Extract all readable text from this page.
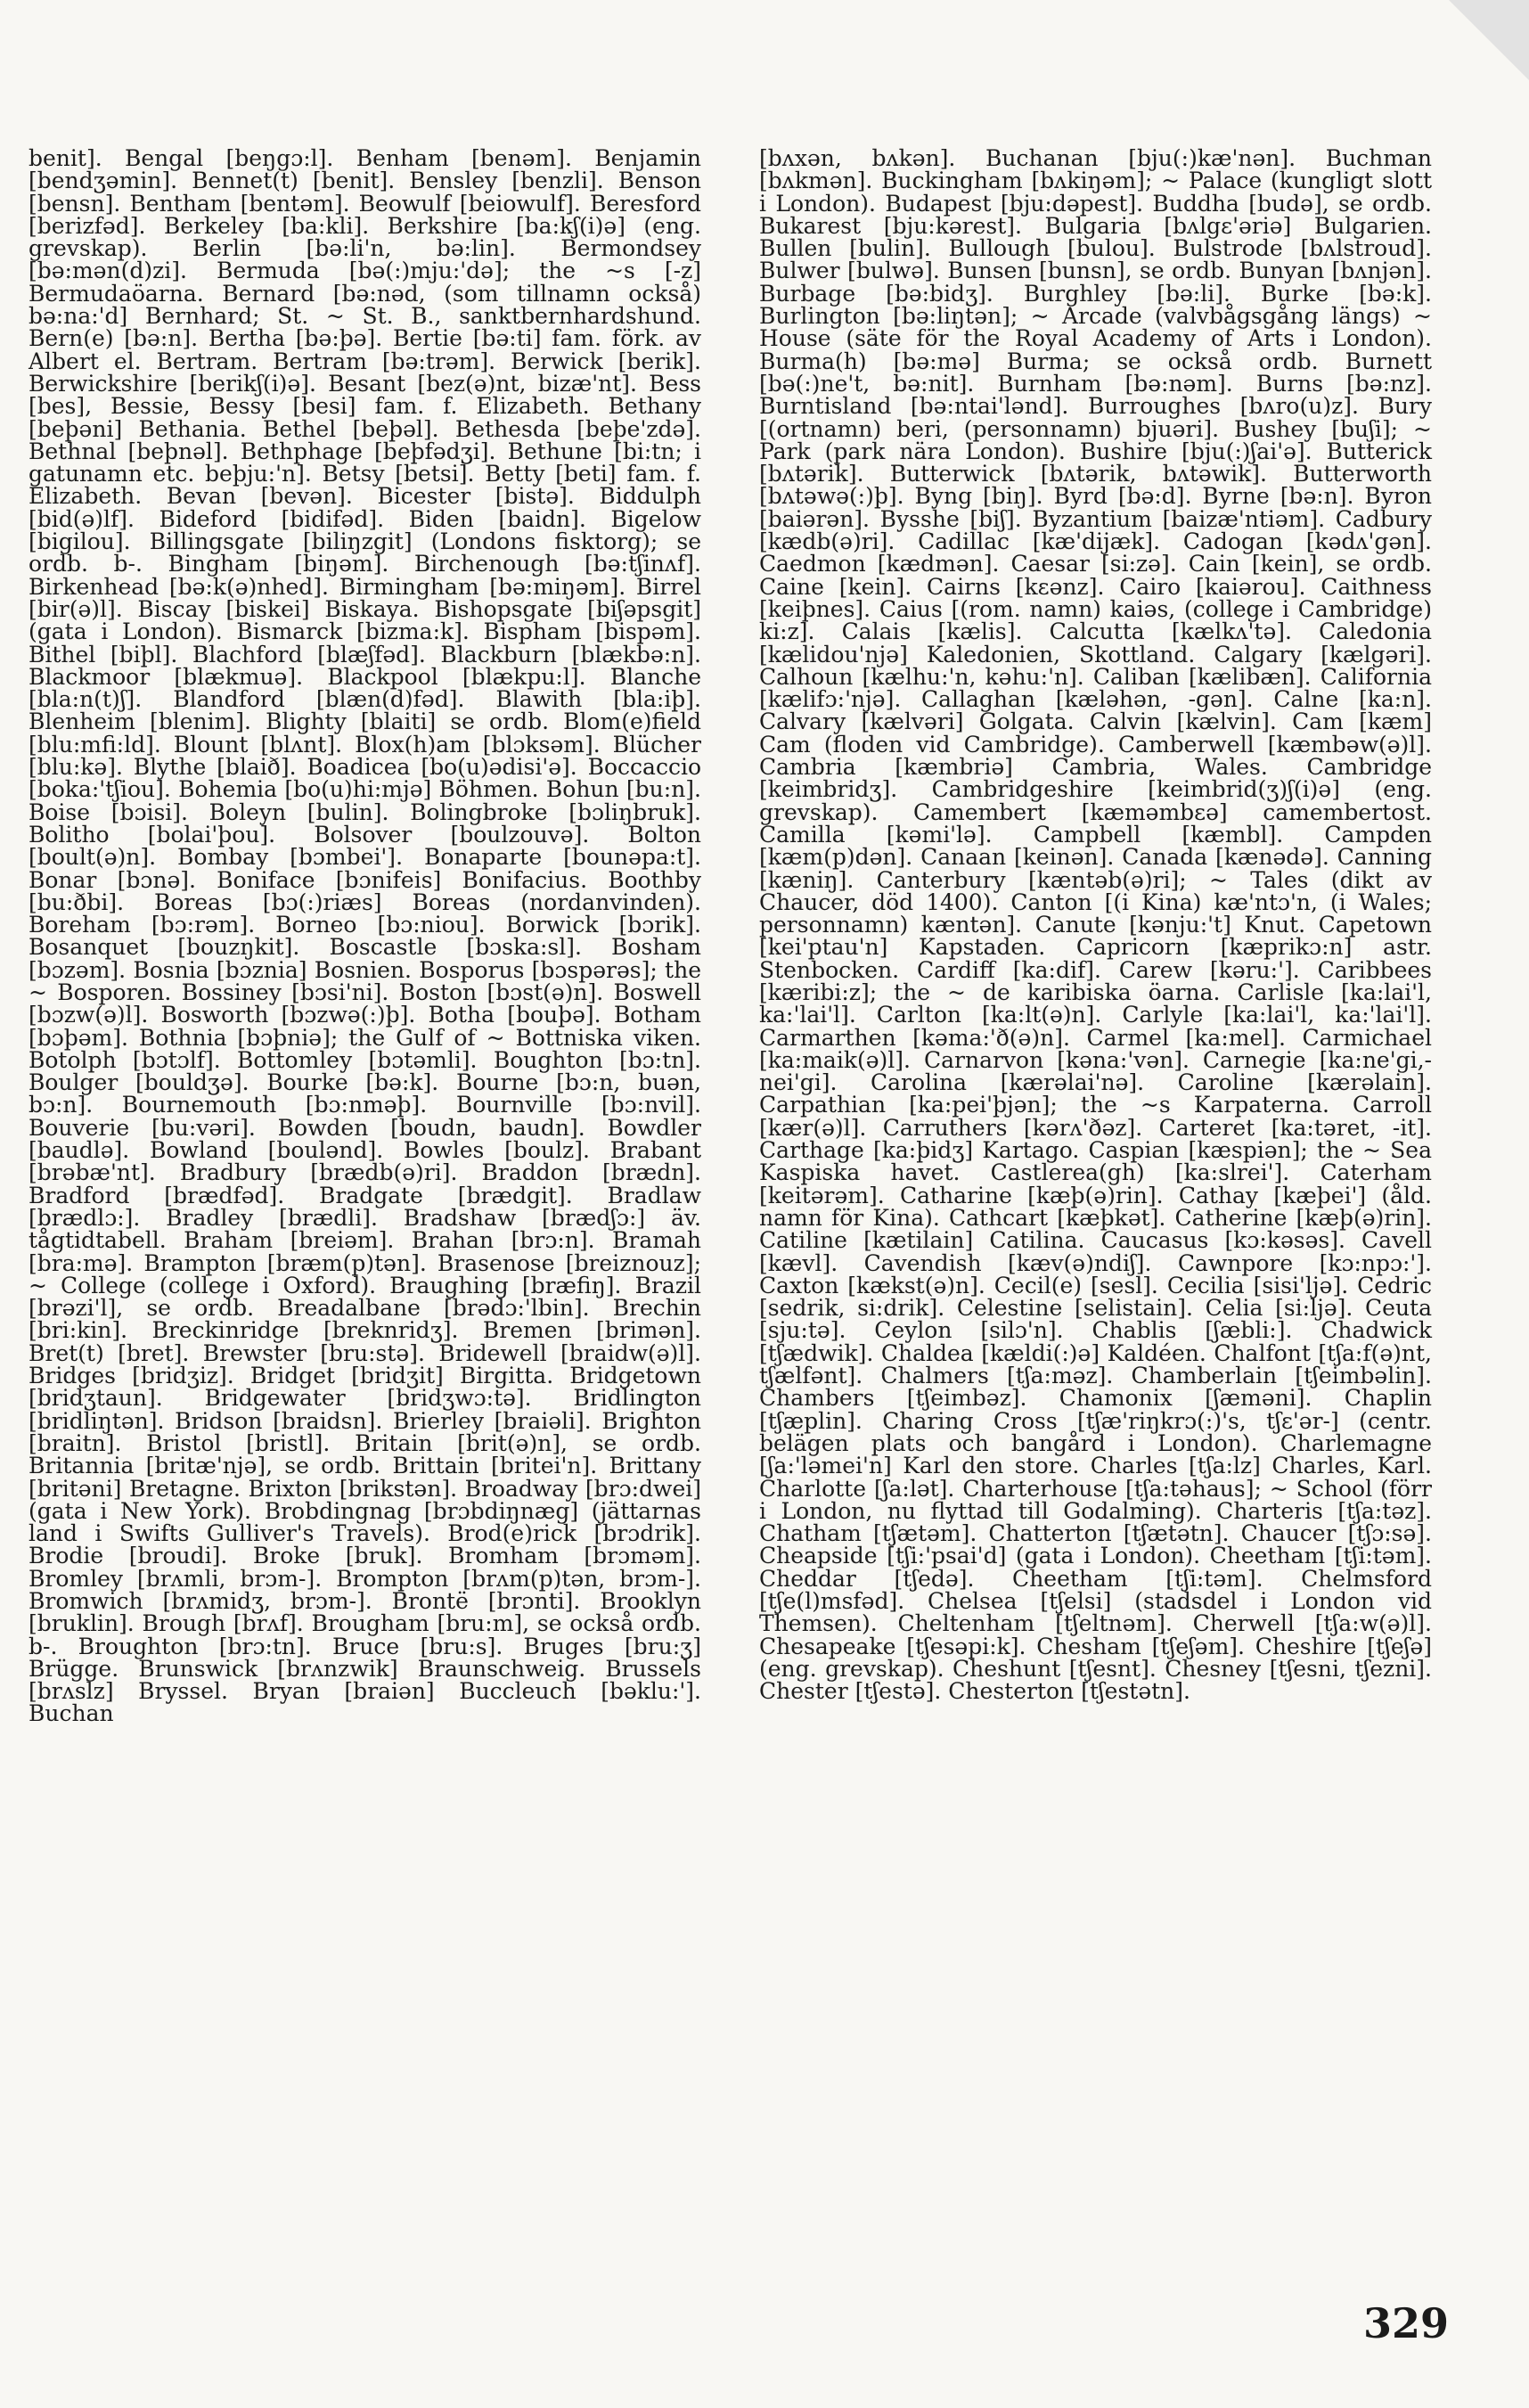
benit]. Bengal [beŋgɔ:l]. Benham [benəm]. Benjamin [bendʒəmin]. Bennet(t) [benit]. Bensley [benzli]. Benson [bensn]. Bentham [bentəm]. Beowulf [beiowulf]. Beresford [berizfəd]. Berkeley [ba:kli]. Berkshire [ba:kʃ(i)ə] (eng. grevskap). Berlin [bə:li'n, bə:lin]. Bermondsey [bə:mən(d)zi]. Bermuda [bə(:)mju:'də]; the ~s [-z] Bermudaöarna. Bernard [bə:nəd, (som tillnamn också) bə:na:'d] Bernhard; St. ~ St. B., sanktbernhardshund. Bern(e) [bə:n]. Bertha [bə:þə]. Bertie [bə:ti] fam. förk. av Albert el. Bertram. Bertram [bə:trəm]. Berwick [berik]. Berwickshire [berikʃ(i)ə]. Besant [bez(ə)nt, bizæ'nt]. Bess [bes], Bessie, Bessy [besi] fam. f. Elizabeth. Bethany [beþəni] Bethania. Bethel [beþəl]. Bethesda [beþe'zdə]. Bethnal [beþnəl]. Bethphage [beþfədʒi]. Bethune [bi:tn; i gatunamn etc. beþju:'n]. Betsy [betsi]. Betty [beti] fam. f. Elizabeth. Bevan [bevən]. Bicester [bistə]. Biddulph [bid(ə)lf]. Bideford [bidifəd]. Biden [baidn]. Bigelow [bigilou]. Billingsgate [biliŋzgit] (Londons fisktorg); se ordb. b-. Bingham [biŋəm]. Birchenough [bə:tʃinʌf]. Birkenhead [bə:k(ə)nhed]. Birmingham [bə:miŋəm]. Birrel [bir(ə)l]. Biscay [biskei] Biskaya. Bishopsgate [biʃəpsgit] (gata i London). Bismarck [bizma:k]. Bispham [bispəm]. Bithel [biþl]. Blachford [blæʃfəd]. Blackburn [blækbə:n]. Blackmoor [blækmuə]. Blackpool [blækpu:l]. Blanche [bla:n(t)ʃ]. Blandford [blæn(d)fəd]. Blawith [bla:iþ]. Blenheim [blenim]. Blighty [blaiti] se ordb. Blom(e)field [blu:mfi:ld]. Blount [blʌnt]. Blox(h)am [blɔksəm]. Blücher [blu:kə]. Blythe [blaið]. Boadicea [bo(u)ədisi'ə]. Boccaccio [boka:'tʃiou]. Bohemia [bo(u)hi:mjə] Böhmen. Bohun [bu:n]. Boise [bɔisi]. Boleyn [bulin]. Bolingbroke [bɔliŋbruk]. Bolitho [bolai'þou]. Bolsover [boulzouvə]. Bolton [boult(ə)n]. Bombay [bɔmbei']. Bonaparte [bounəpa:t]. Bonar [bɔnə]. Boniface [bɔnifeis] Bonifacius. Boothby [bu:ðbi]. Boreas [bɔ(:)riæs] Boreas (nordanvinden). Boreham [bɔ:rəm]. Borneo [bɔ:niou]. Borwick [bɔrik]. Bosanquet [bouzŋkit]. Boscastle [bɔska:sl]. Bosham [bɔzəm]. Bosnia [bɔznia] Bosnien. Bosporus [bɔspərəs]; the ~ Bosporen. Bossiney [bɔsi'ni]. Boston [bɔst(ə)n]. Boswell [bɔzw(ə)l]. Bosworth [bɔzwə(:)þ]. Botha [bouþə]. Botham [bɔþəm]. Bothnia [bɔþniə]; the Gulf of ~ Bottniska viken. Botolph [bɔtɔlf]. Bottomley [bɔtəmli]. Boughton [bɔ:tn]. Boulger [bouldʒə]. Bourke [bə:k]. Bourne [bɔ:n, buən, bɔ:n]. Bournemouth [bɔ:nməþ]. Bournville [bɔ:nvil]. Bouverie [bu:vəri]. Bowden [boudn, baudn]. Bowdler [baudlə]. Bowland [boulənd]. Bowles [boulz]. Brabant [brəbæ'nt]. Bradbury [brædb(ə)ri]. Braddon [brædn]. Bradford [brædfəd]. Bradgate [brædgit]. Bradlaw [brædlɔ:]. Bradley [brædli]. Bradshaw [brædʃɔ:] äv. tågtidtabell. Braham [breiəm]. Brahan [brɔ:n]. Bramah [bra:mə]. Brampton [bræm(p)tən]. Brasenose [breiznouz]; ~ College (college i Oxford). Braughing [bræfiŋ]. Brazil [brəzi'l], se ordb. Breadalbane [brədɔ:'lbin]. Brechin [bri:kin]. Breckinridge [breknridʒ]. Bremen [brimən]. Bret(t) [bret]. Brewster [bru:stə]. Bridewell [braidw(ə)l]. Bridges [bridʒiz]. Bridget [bridʒit] Birgitta. Bridgetown [bridʒtaun]. Bridgewater [bridʒwɔ:tə]. Bridlington [bridliŋtən]. Bridson [braidsn]. Brierley [braiəli]. Brighton [braitn]. Bristol [bristl]. Britain [brit(ə)n], se ordb. Britannia [britæ'njə], se ordb. Brittain [britei'n]. Brittany [britəni] Bretagne. Brixton [brikstən]. Broadway [brɔ:dwei] (gata i New York). Brobdingnag [brɔbdiŋnæg] (jättarnas land i Swifts Gulliver's Travels). Brod(e)rick [brɔdrik]. Brodie [broudi]. Broke [bruk]. Bromham [brɔməm]. Bromley [brʌmli, brɔm-]. Brompton [brʌm(p)tən, brɔm-]. Bromwich [brʌmidʒ, brɔm-]. Brontë [brɔnti]. Brooklyn [bruklin]. Brough [brʌf]. Brougham [bru:m], se också ordb. b-. Broughton [brɔ:tn]. Bruce [bru:s]. Bruges [bru:ʒ] Brügge. Brunswick [brʌnzwik] Braunschweig. Brussels [brʌslz] Bryssel. Bryan [braiən] Buccleuch [bəklu:']. Buchan

[bʌxən, bʌkən]. Buchanan [bju(:)kæ'nən]. Buchman [bʌkmən]. Buckingham [bʌkiŋəm]; ~ Palace (kungligt slott i London). Budapest [bju:dəpest]. Buddha [budə], se ordb. Bukarest [bju:kərest]. Bulgaria [bʌlgɛ'əriə] Bulgarien. Bullen [bulin]. Bullough [bulou]. Bulstrode [bʌlstroud]. Bulwer [bulwə]. Bunsen [bunsn], se ordb. Bunyan [bʌnjən]. Burbage [bə:bidʒ]. Burghley [bə:li]. Burke [bə:k]. Burlington [bə:liŋtən]; ~ Arcade (valvbågsgång längs) ~ House (säte för the Royal Academy of Arts i London). Burma(h) [bə:mə] Burma; se också ordb. Burnett [bə(:)ne't, bə:nit]. Burnham [bə:nəm]. Burns [bə:nz]. Burntisland [bə:ntai'lənd]. Burroughes [bʌro(u)z]. Bury [(ortnamn) beri, (personnamn) bjuəri]. Bushey [buʃi]; ~ Park (park nära London). Bushire [bju(:)ʃai'ə]. Butterick [bʌtərik]. Butterwick [bʌtərik, bʌtəwik]. Butterworth [bʌtəwə(:)þ]. Byng [biŋ]. Byrd [bə:d]. Byrne [bə:n]. Byron [baiərən]. Bysshe [biʃ]. Byzantium [baizæ'ntiəm]. Cadbury [kædb(ə)ri]. Cadillac [kæ'dijæk]. Cadogan [kədʌ'gən]. Caedmon [kædmən]. Caesar [si:zə]. Cain [kein], se ordb. Caine [kein]. Cairns [kɛənz]. Cairo [kaiərou]. Caithness [keiþnes]. Caius [(rom. namn) kaiəs, (college i Cambridge) ki:z]. Calais [kælis]. Calcutta [kælkʌ'tə]. Caledonia [kælidou'njə] Kaledonien, Skottland. Calgary [kælgəri]. Calhoun [kælhu:'n, kəhu:'n]. Caliban [kælibæn]. California [kælifɔ:'njə]. Callaghan [kæləhən, -gən]. Calne [ka:n]. Calvary [kælvəri] Golgata. Calvin [kælvin]. Cam [kæm] Cam (floden vid Cambridge). Camberwell [kæmbəw(ə)l]. Cambria [kæmbriə] Cambria, Wales. Cambridge [keimbridʒ]. Cambridgeshire [keimbrid(ʒ)ʃ(i)ə] (eng. grevskap). Camembert [kæməmbɛə] camembertost. Camilla [kəmi'lə]. Campbell [kæmbl]. Campden [kæm(p)dən]. Canaan [keinən]. Canada [kænədə]. Canning [kæniŋ]. Canterbury [kæntəb(ə)ri]; ~ Tales (dikt av Chaucer, död 1400). Canton [(i Kina) kæ'ntɔ'n, (i Wales; personnamn) kæntən]. Canute [kənju:'t] Knut. Capetown [kei'ptau'n] Kapstaden. Capricorn [kæprikɔ:n] astr. Stenbocken. Cardiff [ka:dif]. Carew [kəru:']. Caribbees [kæribi:z]; the ~ de karibiska öarna. Carlisle [ka:lai'l, ka:'lai'l]. Carlton [ka:lt(ə)n]. Carlyle [ka:lai'l, ka:'lai'l]. Carmarthen [kəma:'ð(ə)n]. Carmel [ka:mel]. Carmichael [ka:maik(ə)l]. Carnarvon [kəna:'vən]. Carnegie [ka:ne'gi,-nei'gi]. Carolina [kærəlai'nə]. Caroline [kærəlain]. Carpathian [ka:pei'þjən]; the ~s Karpaterna. Carroll [kær(ə)l]. Carruthers [kərʌ'ðəz]. Carteret [ka:təret, -it]. Carthage [ka:þidʒ] Kartago. Caspian [kæspiən]; the ~ Sea Kaspiska havet. Castlerea(gh) [ka:slrei']. Caterham [keitərəm]. Catharine [kæþ(ə)rin]. Cathay [kæþei'] (åld. namn för Kina). Cathcart [kæþkət]. Catherine [kæþ(ə)rin]. Catiline [kætilain] Catilina. Caucasus [kɔ:kəsəs]. Cavell [kævl]. Cavendish [kæv(ə)ndiʃ]. Cawnpore [kɔ:npɔ:']. Caxton [kækst(ə)n]. Cecil(e) [sesl]. Cecilia [sisi'ljə]. Cedric [sedrik, si:drik]. Celestine [selistain]. Celia [si:ljə]. Ceuta [sju:tə]. Ceylon [silɔ'n]. Chablis [ʃæbli:]. Chadwick [tʃædwik]. Chaldea [kældi(:)ə] Kaldéen. Chalfont [tʃa:f(ə)nt, tʃælfənt]. Chalmers [tʃa:məz]. Chamberlain [tʃeimbəlin]. Chambers [tʃeimbəz]. Chamonix [ʃæməni]. Chaplin [tʃæplin]. Charing Cross [tʃæ'riŋkrɔ(:)'s, tʃɛ'ər-] (centr. belägen plats och bangård i London). Charlemagne [ʃa:'ləmei'n] Karl den store. Charles [tʃa:lz] Charles, Karl. Charlotte [ʃa:lət]. Charterhouse [tʃa:təhaus]; ~ School (förr i London, nu flyttad till Godalming). Charteris [tʃa:təz]. Chatham [tʃætəm]. Chatterton [tʃætətn]. Chaucer [tʃɔ:sə]. Cheapside [tʃi:'psai'd] (gata i London). Cheetham [tʃi:təm]. Cheddar [tʃedə]. Cheetham [tʃi:təm]. Chelmsford [tʃe(l)msfəd]. Chelsea [tʃelsi] (stadsdel i London vid Themsen). Cheltenham [tʃeltnəm]. Cherwell [tʃa:w(ə)l]. Chesapeake [tʃesəpi:k]. Chesham [tʃeʃəm]. Cheshire [tʃeʃə] (eng. grevskap). Cheshunt [tʃesnt]. Chesney [tʃesni, tʃezni]. Chester [tʃestə]. Chesterton [tʃestətn].

329
